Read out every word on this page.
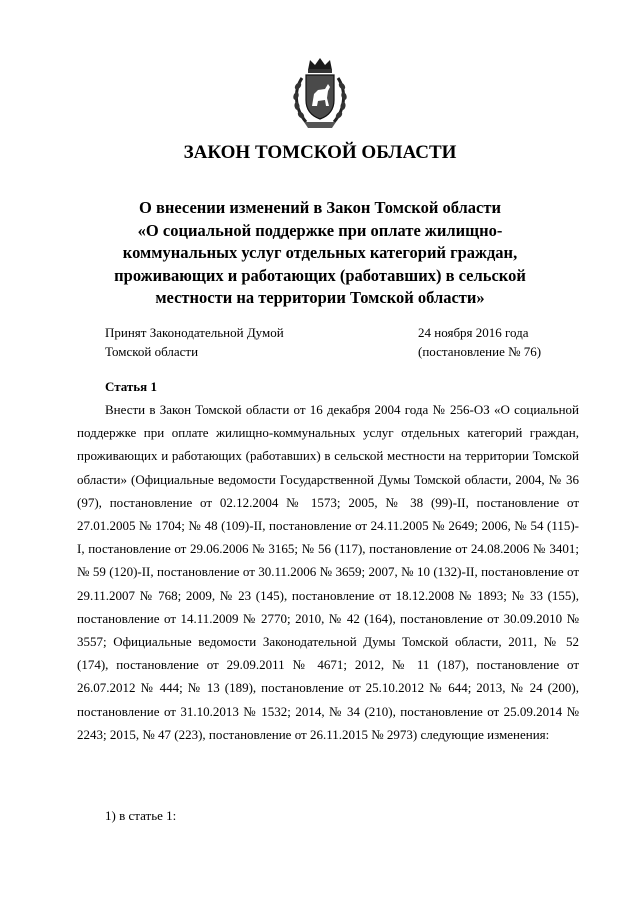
ЗАКОН ТОМСКОЙ ОБЛАСТИ
О внесении изменений в Закон Томской области
«О социальной поддержке при оплате жилищно-
коммунальных услуг отдельных категорий граждан,
проживающих и работающих (работавших) в сельской
местности на территории Томской области»
Принят Законодательной Думой
Томской области
24 ноября 2016 года
(постановление № 76)
Статья 1
Внести в Закон Томской области от 16 декабря 2004 года № 256-ОЗ «О социальной поддержке при оплате жилищно-коммунальных услуг отдельных категорий граждан, проживающих и работающих (работавших) в сельской местности на территории Томской области» (Официальные ведомости Государственной Думы Томской области, 2004, № 36 (97), постановление от 02.12.2004 № 1573; 2005, № 38 (99)-II, постановление от 27.01.2005 № 1704; № 48 (109)-II, постановление от 24.11.2005 № 2649; 2006, № 54 (115)-I, постановление от 29.06.2006 № 3165; № 56 (117), постановление от 24.08.2006 № 3401; № 59 (120)-II, постановление от 30.11.2006 № 3659; 2007, № 10 (132)-II, постановление от 29.11.2007 № 768; 2009, № 23 (145), постановление от 18.12.2008 № 1893; № 33 (155), постановление от 14.11.2009 № 2770; 2010, № 42 (164), постановление от 30.09.2010 № 3557; Официальные ведомости Законодательной Думы Томской области, 2011, № 52 (174), постановление от 29.09.2011 № 4671; 2012, № 11 (187), постановление от 26.07.2012 № 444; № 13 (189), постановление от 25.10.2012 № 644; 2013, № 24 (200), постановление от 31.10.2013 № 1532; 2014, № 34 (210), постановление от 25.09.2014 № 2243; 2015, № 47 (223), постановление от 26.11.2015 № 2973) следующие изменения:
1) в статье 1:
